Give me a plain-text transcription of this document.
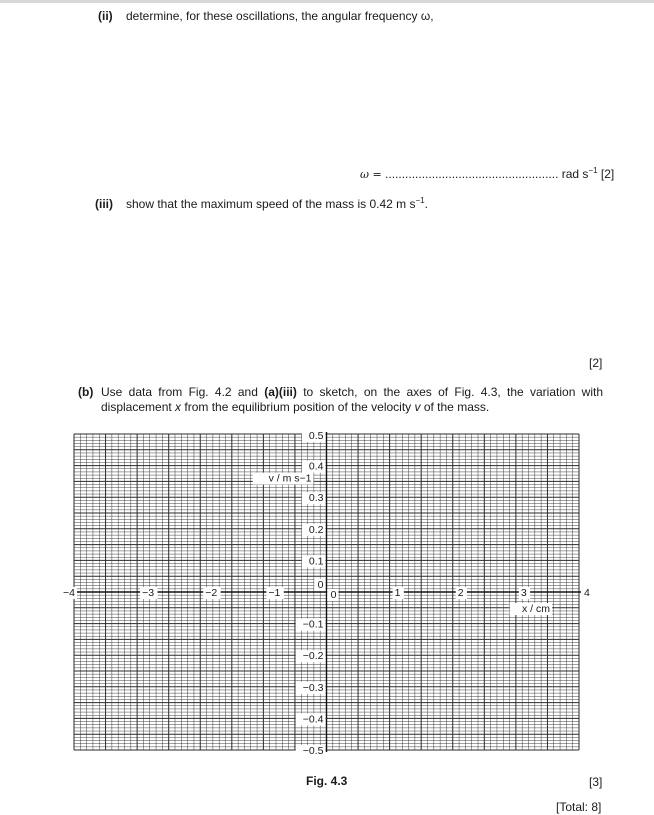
(ii) determine, for these oscillations, the angular frequency ω,
ω = .................................................... rad $s^{-1}$ [2]
(iii) show that the maximum speed of the mass is 0.42 m $s^{-1}$.
[2]
(b) Use data from Fig. 4.2 and (a)(iii) to sketch, on the axes of Fig. 4.3, the variation with
displacement x from the equilibrium position of the velocity v of the mass.
−4	−3	−2	−1	1	2	3	4
0.5
0.4
0.3
0.2
0.1
0
0
−0.1
−0.2
−0.3
−0.4
−0.5
v / m s−1
x / cm
Fig. 4.3	[3]
[Total: 8]
